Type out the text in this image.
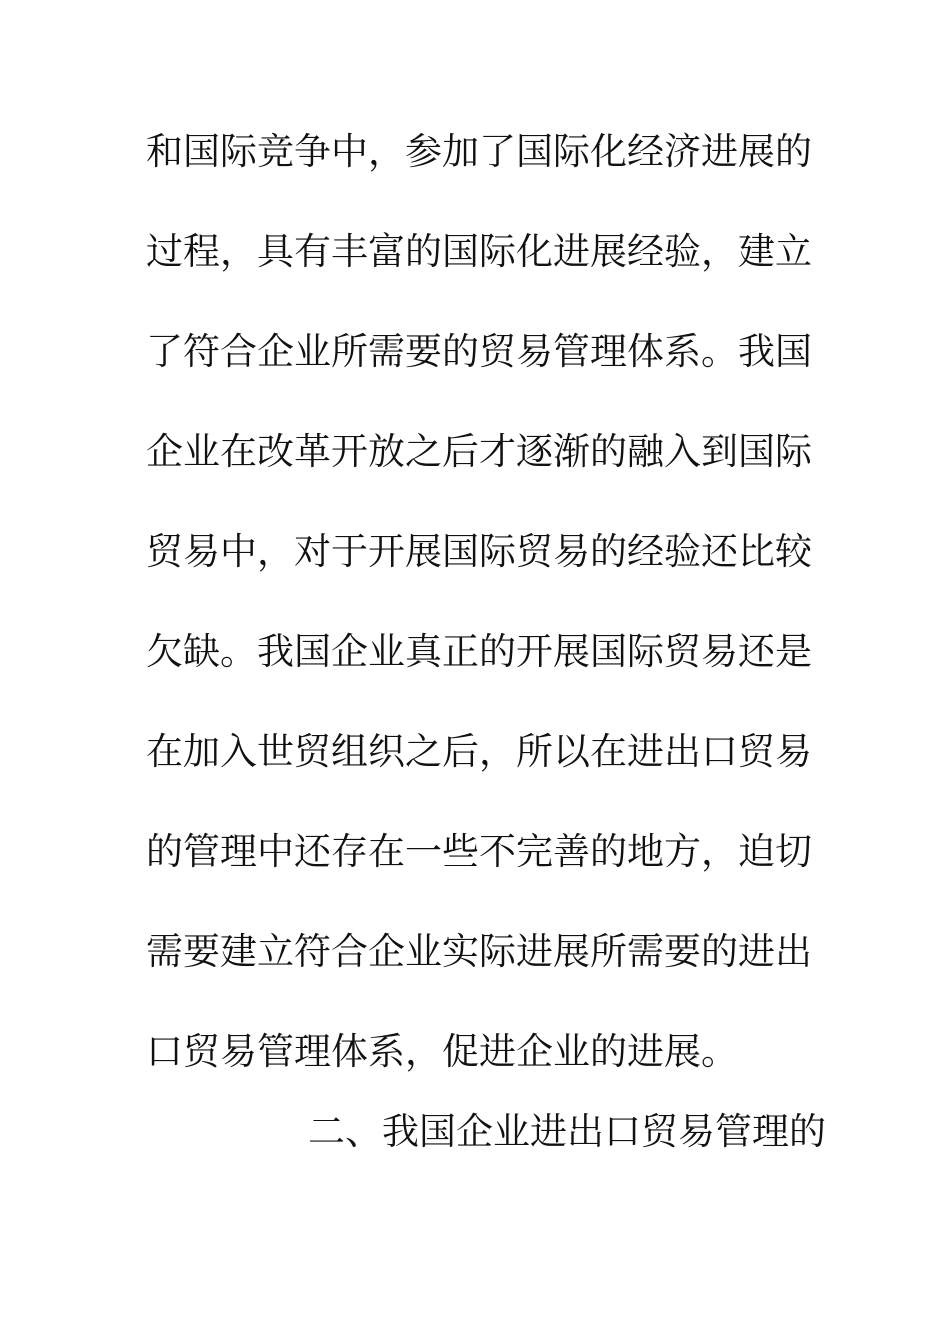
和国际竞争中，参加了国际化经济进展的
过程，具有丰富的国际化进展经验，建立
了符合企业所需要的贸易管理体系。我国
企业在改革开放之后才逐渐的融入到国际
贸易中，对于开展国际贸易的经验还比较
欠缺。我国企业真正的开展国际贸易还是
在加入世贸组织之后，所以在进出口贸易
的管理中还存在一些不完善的地方，迫切
需要建立符合企业实际进展所需要的进出
口贸易管理体系，促进企业的进展。
二、我国企业进出口贸易管理的
